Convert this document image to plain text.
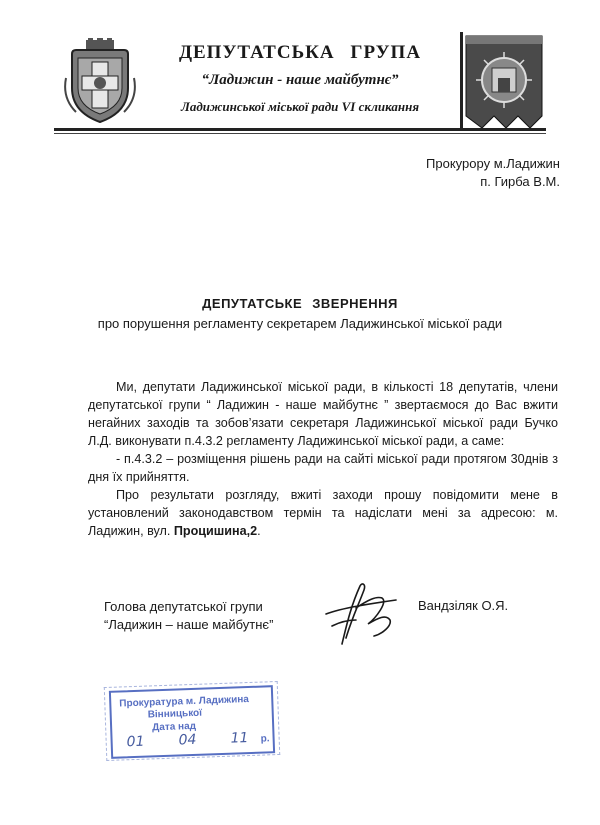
ДЕПУТАТСЬКА ГРУПА
“Ладижин - наше майбутнє”
Ладижинської міської ради VI скликання
Прокурору м.Ладижин
п. Гирба В.М.
ДЕПУТАТСЬКЕ ЗВЕРНЕННЯ
про порушення регламенту секретарем Ладижинської міської ради
Ми, депутати Ладижинської міської ради, в кількості 18 депутатів, члени депутатської групи “ Ладижин - наше майбутнє ” звертаємося до Вас вжити негайних заходів та зобов’язати секретаря Ладижинської міської ради Бучко Л.Д. виконувати п.4.3.2 регламенту Ладижинської міської ради, а саме:
- п.4.3.2 – розміщення рішень ради на сайті міської ради протягом 30днів з дня їх прийняття.
Про результати розгляду, вжиті заходи прошу повідомити мене в установлений законодавством термін та надіслати мені за адресою: м. Ладижин, вул. Процишина,2.
Голова депутатської групи
“Ладижин – наше майбутнє”
Вандзіляк О.Я.
Прокуратура м. Ладижина
Вінницької
Дата над
01 04 11 р.
